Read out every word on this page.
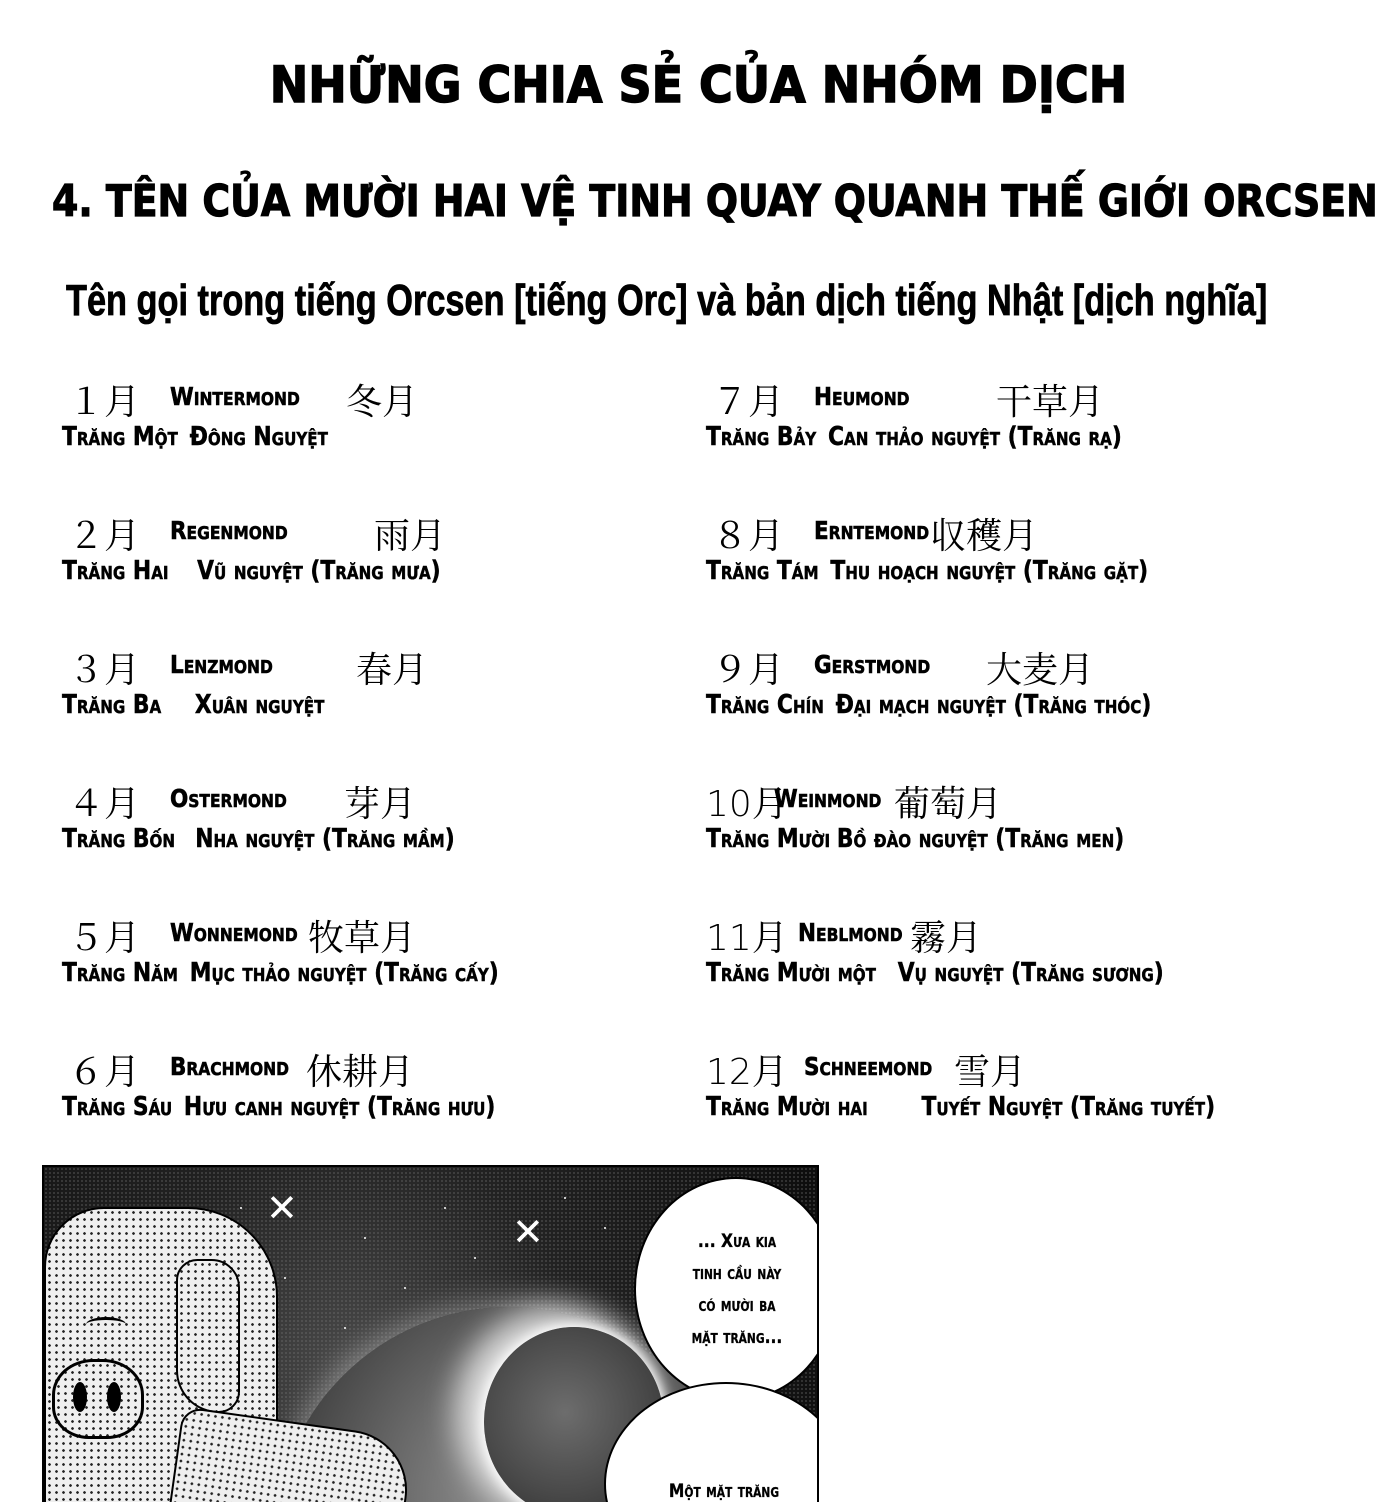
NHỮNG CHIA SẺ CỦA NHÓM DỊCH
4. TÊN CỦA MƯỜI HAI VỆ TINH QUAY QUANH THẾ GIỚI ORCSEN
Tên gọi trong tiếng Orcsen [tiếng Orc] và bản dịch tiếng Nhật [dịch nghĩa]
１月 Wintermond 冬月
Trăng Một Đông Nguyệt
２月 Regenmond 雨月
Trăng Hai Vũ nguyệt (Trăng mưa)
３月 Lenzmond 春月
Trăng Ba Xuân nguyệt
４月 Ostermond 芽月
Trăng Bốn Nha nguyệt (Trăng mầm)
５月 Wonnemond 牧草月
Trăng Năm Mục thảo nguyệt (Trăng cấy)
６月 Brachmond 休耕月
Trăng Sáu Hưu canh nguyệt (Trăng hưu)
７月 Heumond 干草月
Trăng Bảy Can thảo nguyệt (Trăng rạ)
８月 Erntemond 収穫月
Trăng Tám Thu hoạch nguyệt (Trăng gặt)
９月 Gerstmond 大麦月
Trăng Chín Đại mạch nguyệt (Trăng thóc)
10月
Weinmond 葡萄月
Trăng Mười Bồ đào nguyệt (Trăng men)
11月 Neblmond 霧月
Trăng Mười một Vụ nguyệt (Trăng sương)
12月 Schneemond 雪月
Trăng Mười hai Tuyết Nguyệt (Trăng tuyết)
✕
✕	... Xưa kia
tinh cầu này
có mười ba
mặt trăng...
Một mặt trăng
